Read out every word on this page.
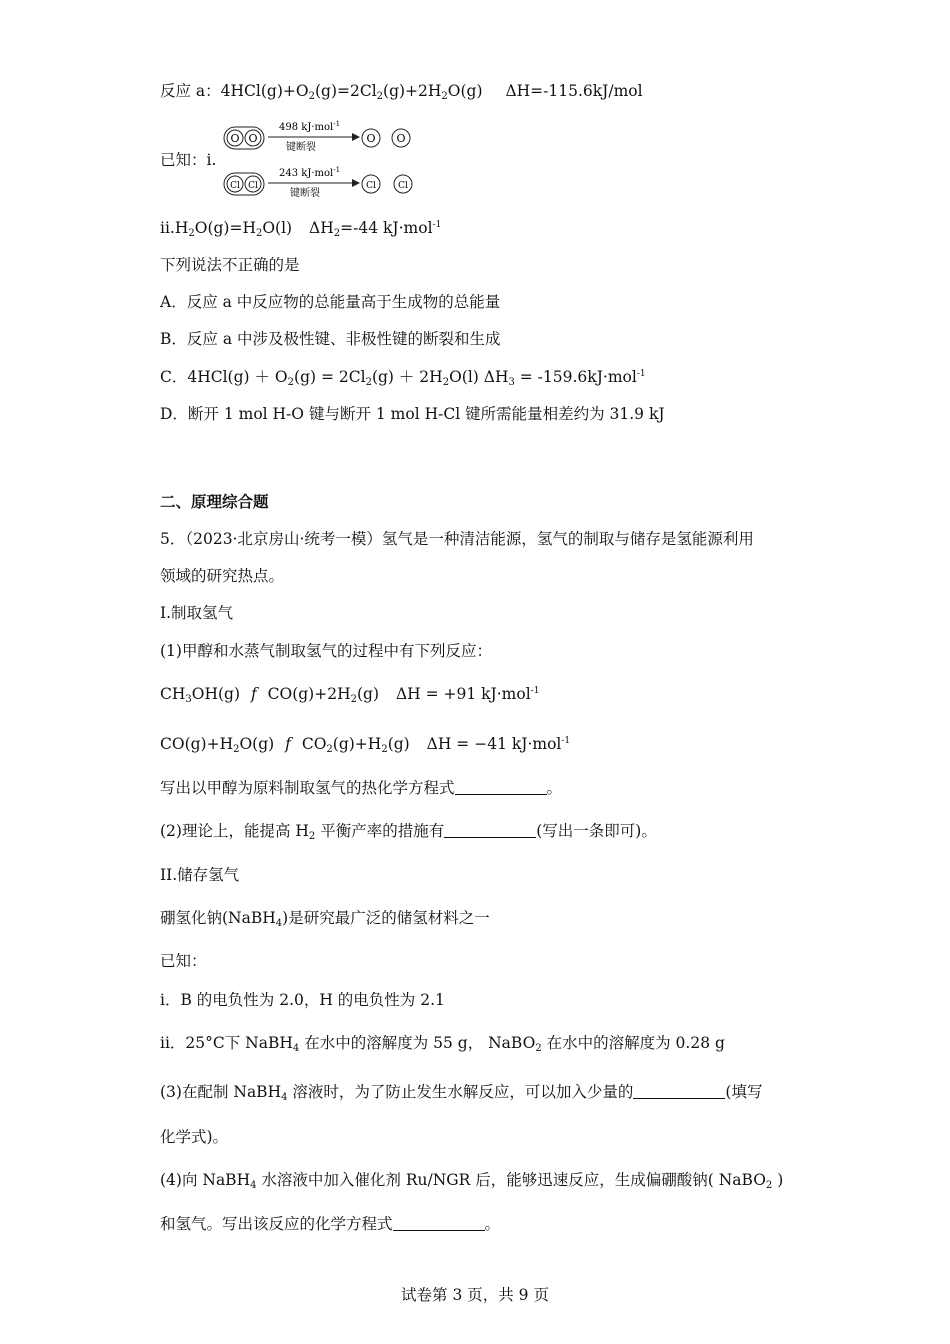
反应 a：$4HCl(g)+O_2(g)=2Cl_2(g)+2H_2O(g)$ ΔH=-115.6kJ/mol
已知：i.
O O
498 kJ·mol$^{-1}$
键断裂
O O
Cl Cl
243 kJ·mol$^{-1}$
键断裂
Cl Cl
$ii.H_2O(g)=H_2O(l)$ $\Delta H_2=-44$ kJ·mol$^{-1}$
下列说法不正确的是
A．反应 a 中反应物的总能量高于生成物的总能量
B．反应 a 中涉及极性键、非极性键的断裂和生成
C．$4HCl(g) + O_2(g) = 2Cl_2(g) + 2H_2O(l) \Delta H_3 = -159.6kJ\cdot mol^{-1}$
D．断开 1 mol H-O 键与断开 1 mol H-Cl 键所需能量相差约为 31.9 kJ
二、原理综合题
5．（2023·北京房山·统考一模）氢气是一种清洁能源，氢气的制取与储存是氢能源利用
领域的研究热点。
I.制取氢气
(1)甲醇和水蒸气制取氢气的过程中有下列反应：
$CH_3OH(g)$ f $CO(g)+2H_2(g) \Delta H = +91$ kJ·mol$^{-1}$
$CO(g)+H_2O(g)$ f $CO_2(g)+H_2(g) \Delta H = -41$ kJ·mol$^{-1}$
写出以甲醇为原料制取氢气的热化学方程式	。
(2)理论上，能提高 $H_2$ 平衡产率的措施有	(写出一条即可)。
II.储存氢气
硼氢化钠(NaBH$_4$)是研究最广泛的储氢材料之一
已知：
i．B 的电负性为 2.0，H 的电负性为 2.1
ii．25°C下 NaBH$_4$ 在水中的溶解度为 55 g， NaBO$_2$ 在水中的溶解度为 0.28 g
(3)在配制 NaBH$_4$ 溶液时，为了防止发生水解反应，可以加入少量的	(填写
化学式)。
(4)向 NaBH$_4$ 水溶液中加入催化剂 Ru/NGR 后，能够迅速反应，生成偏硼酸钠( NaBO$_2$ )
和氢气。写出该反应的化学方程式	。
试卷第 3 页，共 9 页
